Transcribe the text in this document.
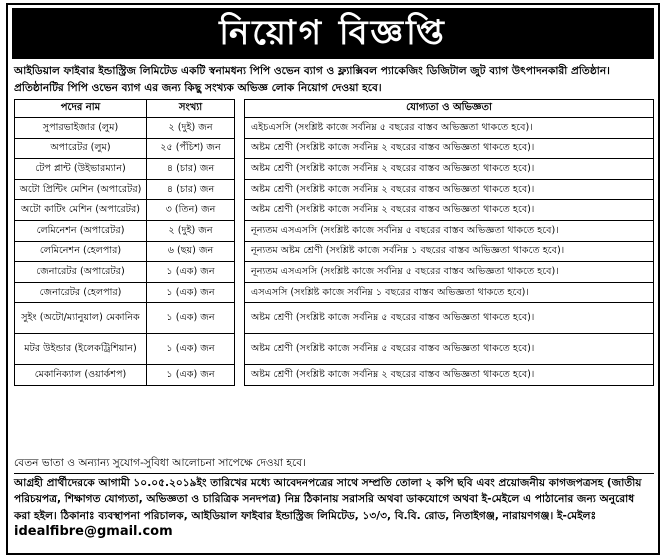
নিয়োগ বিজ্ঞপ্তি
আইডিয়াল ফাইবার ইন্ডাস্ট্রিজ লিমিটেড একটি স্বনামধন্য পিপি ওভেন ব্যাগ ও ফ্ল্যাক্সিবল প্যাকেজিং ডিজিটাল জুট ব্যাগ উৎপাদনকারী প্রতিষ্ঠান। প্রতিষ্ঠানটির পিপি ওভেন ব্যাগ এর জন্য কিছু সংখ্যক অভিজ্ঞ লোক নিয়োগ দেওয়া হবে।
পদের নাম	সংখ্যা		যোগ্যতা ও অভিজ্ঞতা
সুপারভাইজার (লুম)	২ (দুই) জন		এইচএসসি (সংশ্লিষ্ট কাজে সর্বনিম্ন ৫ বছরের বাস্তব অভিজ্ঞতা থাকতে হবে)।
অপারেটর (লুম)	২৫ (পঁচিশ) জন		অষ্টম শ্রেণী (সংশ্লিষ্ট কাজে সর্বনিম্ন ২ বছরের বাস্তব অভিজ্ঞতা থাকতে হবে)।
টেপ প্লান্ট (উইভারম্যান)	৪ (চার) জন		অষ্টম শ্রেণী (সংশ্লিষ্ট কাজে সর্বনিম্ন ২ বছরের বাস্তব অভিজ্ঞতা থাকতে হবে)।
অটো প্রিন্টিং মেশিন (অপারেটর)	৪ (চার) জন		অষ্টম শ্রেণী (সংশ্লিষ্ট কাজে সর্বনিম্ন ২ বছরের বাস্তব অভিজ্ঞতা থাকতে হবে)।
অটো কাটিং মেশিন (অপারেটর)	৩ (তিন) জন		অষ্টম শ্রেণী (সংশ্লিষ্ট কাজে সর্বনিম্ন ২ বছরের বাস্তব অভিজ্ঞতা থাকতে হবে)।
লেমিনেশন (অপারেটর)	২ (দুই) জন		নূন্যতম এসএসসি (সংশ্লিষ্ট কাজে সর্বনিম্ন ৫ বছরের বাস্তব অভিজ্ঞতা থাকতে হবে)।
লেমিনেশন (হেলপার)	৬ (ছয়) জন		নূন্যতম অষ্টম শ্রেণী (সংশ্লিষ্ট কাজে সর্বনিম্ন ১ বছরের বাস্তব অভিজ্ঞতা থাকতে হবে)।
জেনারেটর (অপারেটর)	১ (এক) জন		নূন্যতম এসএসসি (সংশ্লিষ্ট কাজে সর্বনিম্ন ৫ বছরের বাস্তব অভিজ্ঞতা থাকতে হবে)।
জেনারেটর (হেলপার)	১ (এক) জন		এসএসসি (সংশ্লিষ্ট কাজে সর্বনিম্ন ১ বছরের বাস্তব অভিজ্ঞতা থাকতে হবে)।
সুইং (অটো/ম্যানুয়াল) মেকানিক	১ (এক) জন		অষ্টম শ্রেণী (সংশ্লিষ্ট কাজে সর্বনিম্ন ৫ বছরের বাস্তব অভিজ্ঞতা থাকতে হবে)।
মটর উইন্ডার (ইলেকট্রিশিয়ান)	১ (এক) জন		অষ্টম শ্রেণী (সংশ্লিষ্ট কাজে সর্বনিম্ন ৫ বছরের বাস্তব অভিজ্ঞতা থাকতে হবে)।
মেকানিক্যাল (ওয়ার্কশপ)	১ (এক) জন		অষ্টম শ্রেণী (সংশ্লিষ্ট কাজে সর্বনিম্ন ২ বছরের বাস্তব অভিজ্ঞতা থাকতে হবে)।
বেতন ভাতা ও অন্যান্য সুযোগ-সুবিধা আলোচনা সাপেক্ষে দেওয়া হবে।
আগ্রহী প্রার্থীদেরকে আগামী ১০.০৫.২০১৯ইং তারিখের মধ্যে আবেদনপত্রের সাথে সম্প্রতি তোলা ২ কপি ছবি এবং প্রয়োজনীয় কাগজপত্রসহ (জাতীয় পরিচয়পত্র, শিক্ষাগত যোগ্যতা, অভিজ্ঞতা ও চারিত্রিক সনদপত্র) নিম্ন ঠিকানায় সরাসরি অথবা ডাকযোগে অথবা ই-মেইলে এ পাঠানোর জন্য অনুরোধ করা হইল। ঠিকানাঃ ব্যবস্থাপনা পরিচালক, আইডিয়াল ফাইবার ইন্ডাস্ট্রিজ লিমিটেড, ১৩/৩, বি.বি. রোড, নিতাইগঞ্জ, নারায়ণগঞ্জ। ই-মেইলঃ idealfibre@gmail.com
